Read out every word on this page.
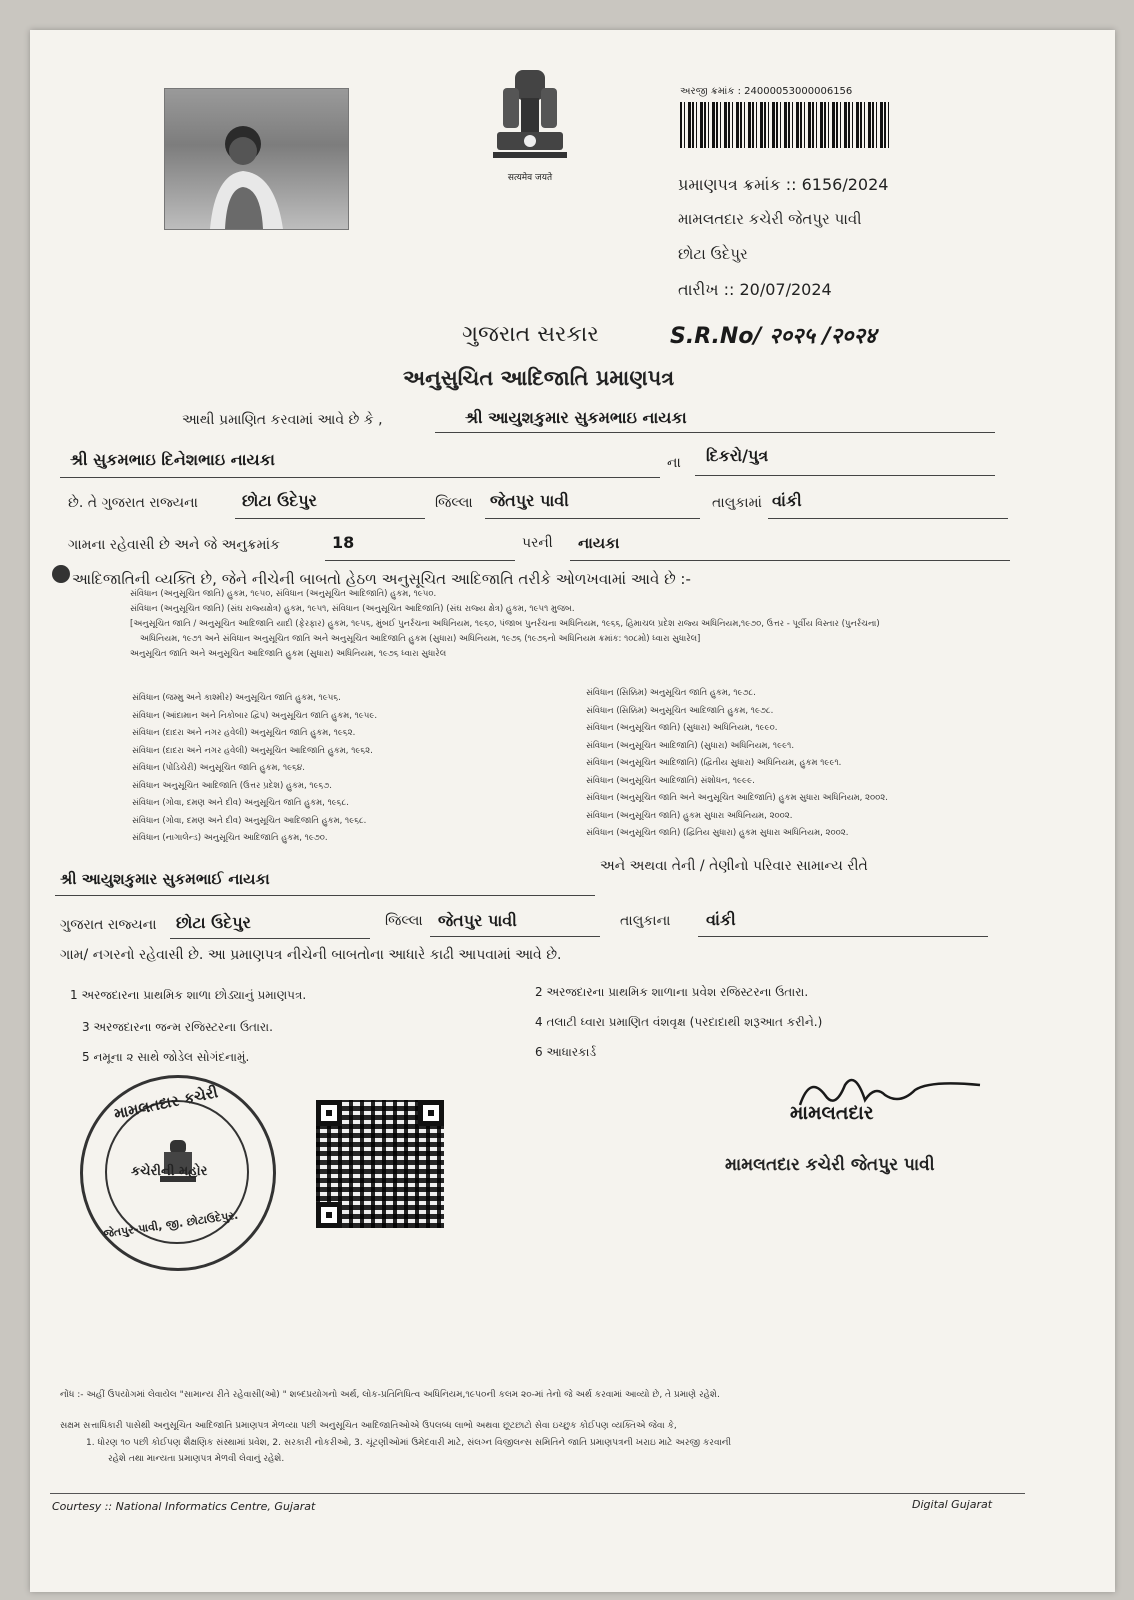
सत्यमेव जयते
અરજી ક્રમાંક : 24000053000006156
પ્રમાણપત્ર ક્રમાંક :: 6156/2024
મામલતદાર કચેરી જેતપુર પાવી
છોટા ઉદેપુર
તારીખ :: 20/07/2024
ગુજરાત સરકાર	S.R.No/ २०२५ /२०२४
અનુસુચિત આદિજાતિ પ્રમાણપત્ર
આથી પ્રમાણિત કરવામાં આવે છે કે ,	શ્રી આયુશકુમાર સુકમભાઇ નાયકા
શ્રી સુકમભાઇ દિનેશભાઇ નાયકા	ના દિકરો/પુત્ર
છે. તે ગુજરાત રાજ્યના	છોટા ઉદેપુર	જિલ્લા જેતપુર પાવી	તાલુકામાં વાંકી
ગામના રહેવાસી છે અને જે અનુક્રમાંક	18	પરની નાયકા
આદિજાતિની વ્યક્તિ છે, જેને નીચેની બાબતો હેઠળ અનુસૂચિત આદિજાતિ તરીકે ઓળખવામાં આવે છે :-
સંવિધાન (અનુસૂચિત જાતિ) હુકમ, ૧૯૫૦, સંવિધાન (અનુસૂચિત આદિજાતિ) હુકમ, ૧૯૫૦.
સંવિધાન (અનુસૂચિત જાતિ) (સંઘ રાજ્યક્ષેત્ર) હુકમ, ૧૯૫૧, સંવિધાન (અનુસૂચિત આદિજાતિ) (સંઘ રાજ્ય ક્ષેત્ર) હુકમ, ૧૯૫૧ મુજબ.
[અનુસૂચિત જાતિ / અનુસૂચિત આદિજાતિ યાદી (ફેરફાર) હુકમ, ૧૯૫૬, મુંબઈ પુનર્રચના અધિનિયમ, ૧૯૬૦, પંજાબ પુનર્રચના અધિનિયમ, ૧૯૬૬, હિમાચલ પ્રદેશ રાજ્ય અધિનિયમ,૧૯૭૦, ઉત્તર - પૂર્વીય વિસ્તાર (પુનર્રચના)
અધિનિયમ, ૧૯૭૧ અને સંવિધાન અનુસૂચિત જાતિ અને અનુસૂચિત આદિજાતિ હુકમ (સુધારા) અધિનિયમ, ૧૯૭૬ (૧૯૭૬નો અધિનિયમ ક્રમાંક: ૧૦૮મો) ધ્વારા સુધારેલ]
અનુસૂચિત જાતિ અને અનુસૂચિત આદિજાતિ હુકમ (સુધારા) અધિનિયમ, ૧૯૭૬ ધ્વારા સુધારેલ
સંવિધાન (જમ્મુ અને કાશ્મીર) અનુસૂચિત જાતિ હુકમ, ૧૯૫૬.
સંવિધાન (આંદામાન અને નિકોબાર દ્વિપ) અનુસૂચિત જાતિ હુકમ, ૧૯૫૯.
સંવિધાન (દાદરા અને નગર હવેલી) અનુસૂચિત જાતિ હુકમ, ૧૯૬૨.
સંવિધાન (દાદરા અને નગર હવેલી) અનુસૂચિત આદિજાતિ હુકમ, ૧૯૬૨.
સંવિધાન (પોંડિચેરી) અનુસૂચિત જાતિ હુકમ, ૧૯૬૪.
સંવિધાન અનુસૂચિત આદિજાતિ (ઉત્તર પ્રદેશ) હુકમ, ૧૯૬૭.
સંવિધાન (ગોવા, દમણ અને દીવ) અનુસૂચિત જાતિ હુકમ, ૧૯૬૮.
સંવિધાન (ગોવા, દમણ અને દીવ) અનુસૂચિત આદિજાતિ હુકમ, ૧૯૬૮.
સંવિધાન (નાગાલેન્ડ) અનુસૂચિત આદિજાતિ હુકમ, ૧૯૭૦.
સંવિધાન (સિક્કિમ) અનુસૂચિત જાતિ હુકમ, ૧૯૭૮.
સંવિધાન (સિક્કિમ) અનુસૂચિત આદિજાતિ હુકમ, ૧૯૭૮.
સંવિધાન (અનુસૂચિત જાતિ) (સુધારા) અધિનિયમ, ૧૯૯૦.
સંવિધાન (અનુસૂચિત આદિજાતિ) (સુધારા) અધિનિયમ, ૧૯૯૧.
સંવિધાન (અનુસૂચિત આદિજાતિ) (દ્વિતીય સુધારા) અધિનિયમ, હુકમ ૧૯૯૧.
સંવિધાન (અનુસૂચિત આદિજાતિ) સંશોધન, ૧૯૯૯.
સંવિધાન (અનુસૂચિત જાતિ અને અનુસૂચિત આદિજાતિ) હુકમ સુધારા અધિનિયમ, ૨૦૦૨.
સંવિધાન (અનુસૂચિત જાતિ) હુકમ સુધારા અધિનિયમ, ૨૦૦૨.
સંવિધાન (અનુસૂચિત જાતિ) (દ્વિતિય સુધારા) હુકમ સુધારા અધિનિયમ, ૨૦૦૨.
અને અથવા તેની / તેણીનો પરિવાર સામાન્ય રીતે
શ્રી આયુશકુમાર સુકમભાઈ નાયકા
ગુજરાત રાજ્યના છોટા ઉદેપુર	જિલ્લા જેતપુર પાવી	તાલુકાના વાંકી
ગામ/ નગરનો રહેવાસી છે. આ પ્રમાણપત્ર નીચેની બાબતોના આધારે કાઢી આપવામાં આવે છે.
1 અરજદારના પ્રાથમિક શાળા છોડ્યાનું પ્રમાણપત્ર.	2 અરજદારના પ્રાથમિક શાળાના પ્રવેશ રજિસ્ટરના ઉતારા.
3 અરજદારના જન્મ રજિસ્ટરના ઉતારા.	4 તલાટી ધ્વારા પ્રમાણિત વંશવૃક્ષ (પરદાદાથી શરૂઆત કરીને.)
5 નમૂના ૨ સાથે જોડેલ સોગંદનામું.	6 આધારકાર્ડ
મામલતદાર કચેરી
કચેરીની મહોર
જેતપુર-પાવી, જી. છોટાઉદેપુર.
મામલતદાર
મામલતદાર કચેરી જેતપુર પાવી
નોંધ :- અહીં ઉપયોગમાં લેવાયેલ "સામાન્ય રીતે રહેવાસી(ઓ) " શબ્દપ્રયોગનો અર્થ, લોક-પ્રતિનિધિત્વ અધિનિયમ,૧૯૫૦ની કલમ ૨૦-માં તેનો જે અર્થ કરવામાં આવ્યો છે, તે પ્રમાણે રહેશે.
સક્ષમ સત્તાધિકારી પાસેથી અનુસૂચિત આદિજાતિ પ્રમાણપત્ર મેળવ્યા પછી અનુસૂચિત આદિજાતિઓએ ઉપલબ્ધ લાભો અથવા છૂટછાટો સેવા ઇચ્છુક કોઈપણ વ્યક્તિએ જેવા કે,
1. ધોરણ ૧૦ પછી કોઈપણ શૈક્ષણિક સંસ્થામાં પ્રવેશ, 2. સરકારી નોકરીઓ, 3. ચૂંટણીઓમાં ઉમેદવારી માટે, સંલગ્ન વિજીલન્સ સમિતિને જાતિ પ્રમાણપત્રની ખરાઇ માટે અરજી કરવાની
રહેશે તથા માન્યતા પ્રમાણપત્ર મેળવી લેવાનું રહેશે.
Courtesy :: National Informatics Centre, Gujarat	Digital Gujarat
